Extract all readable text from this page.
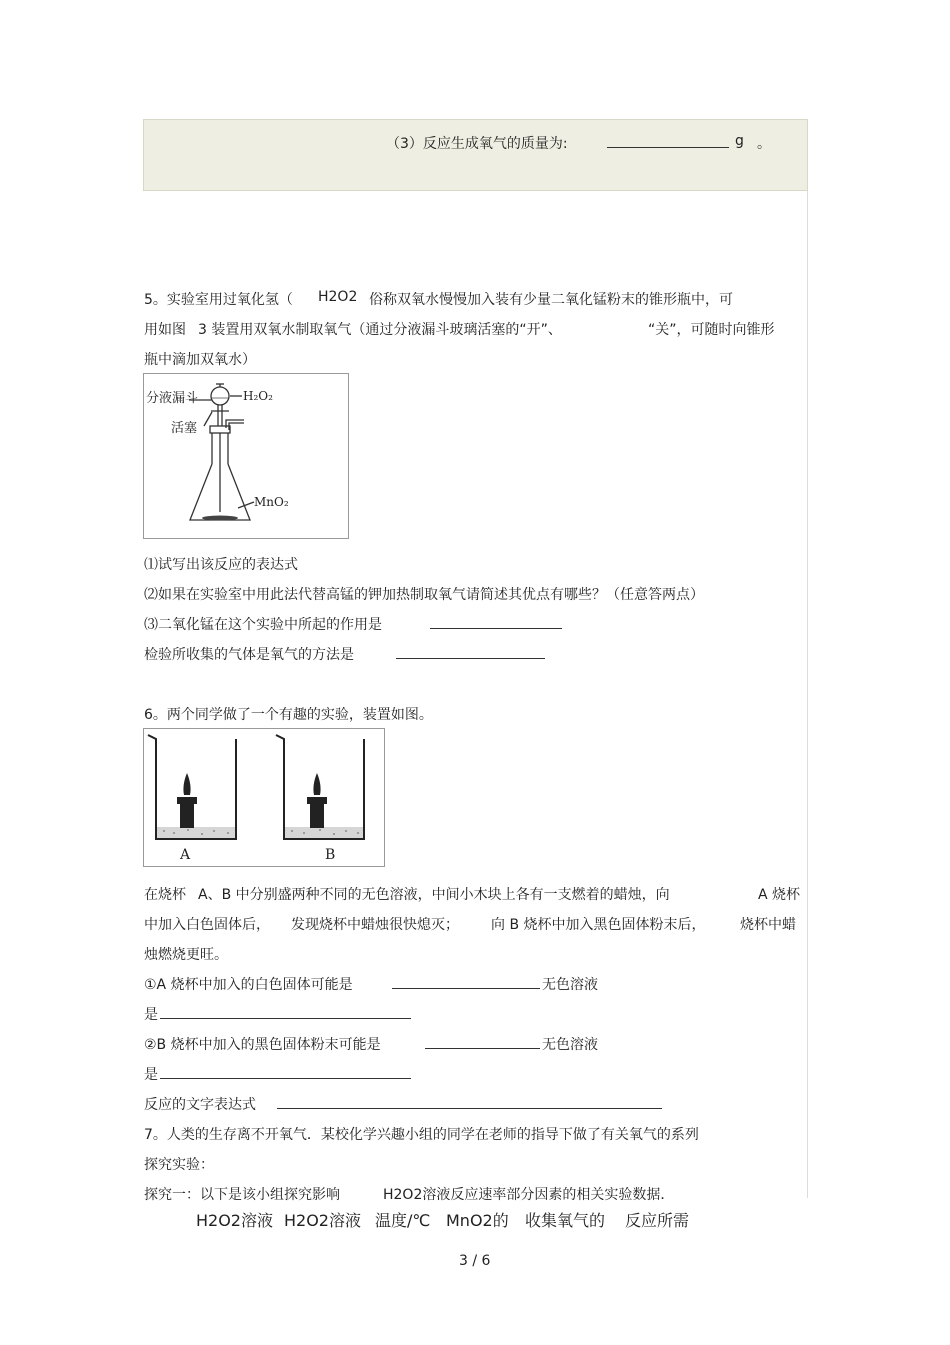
（3）反应生成氧气的质量为:	g 。
5。实验室用过氧化氢（ H2O2 俗称双氧水慢慢加入装有少量二氧化锰粉末的锥形瓶中，可
用如图 3 装置用双氧水制取氧气（通过分液漏斗玻璃活塞的“开”、	“关”，可随时向锥形
瓶中滴加双氧水）
分液漏斗
活塞
H₂O₂
MnO₂
⑴试写出该反应的表达式
⑵如果在实验室中用此法代替高锰的钾加热制取氧气请简述其优点有哪些？（任意答两点）
⑶二氧化锰在这个实验中所起的作用是
检验所收集的气体是氧气的方法是
6。两个同学做了一个有趣的实验，装置如图。
A	B
在烧杯 A、B 中分别盛两种不同的无色溶液，中间小木块上各有一支燃着的蜡烛，向	A 烧杯
中加入白色固体后， 发现烧杯中蜡烛很快熄灭； 向 B 烧杯中加入黑色固体粉末后， 烧杯中蜡
烛燃烧更旺。
①A 烧杯中加入的白色固体可能是	无色溶液
是
②B 烧杯中加入的黑色固体粉末可能是	无色溶液
是
反应的文字表达式
7。人类的生存离不开氧气．某校化学兴趣小组的同学在老师的指导下做了有关氧气的系列
探究实验：
探究一：以下是该小组探究影响	H2O2溶液反应速率部分因素的相关实验数据．
H2O2溶液 H2O2溶液 温度/℃ MnO2的 收集氧气的 反应所需
3 / 6
